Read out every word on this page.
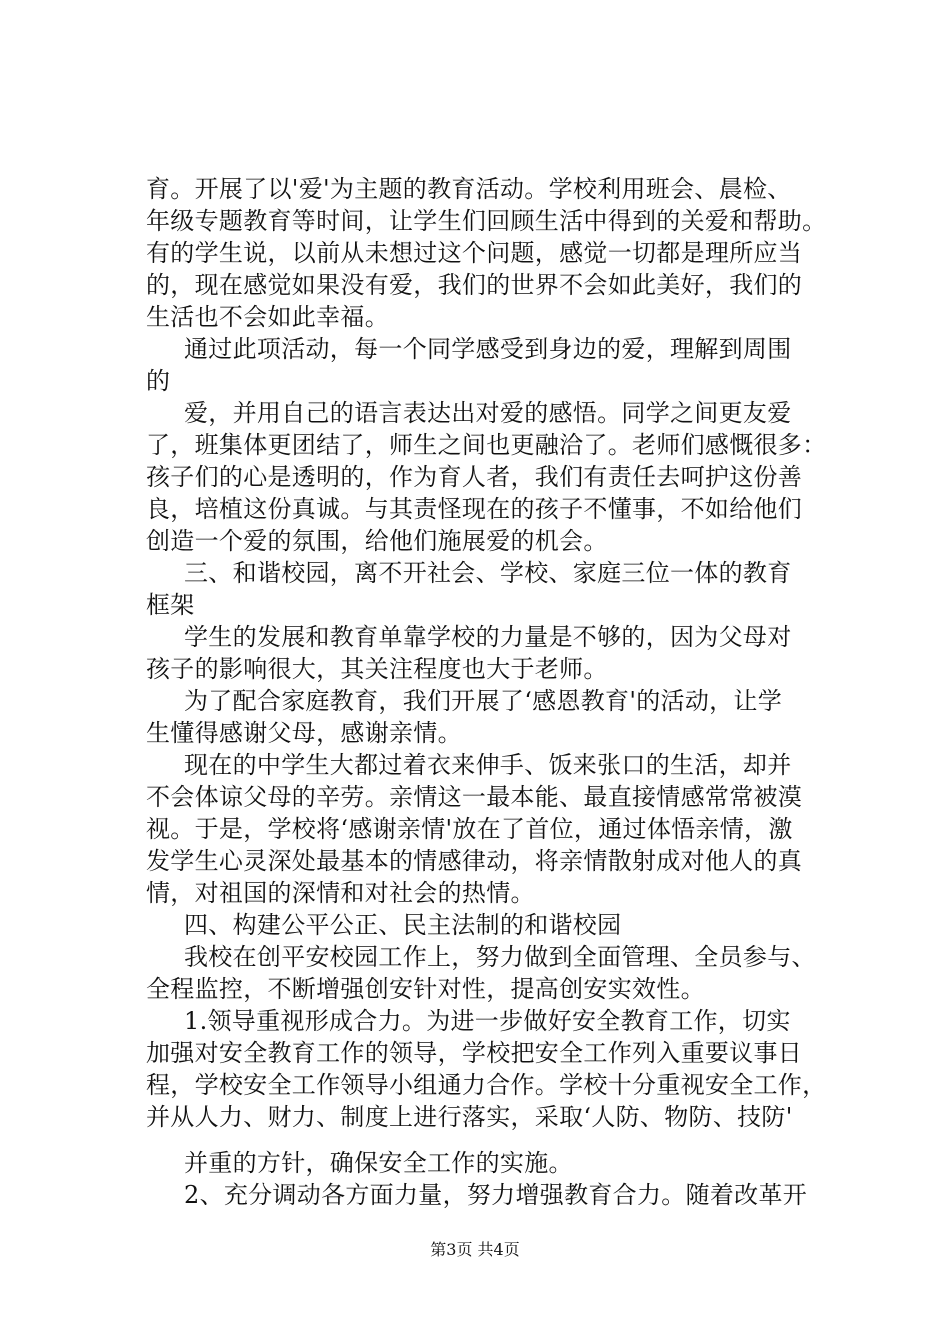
育。开展了以'爱'为主题的教育活动。学校利用班会、晨检、
年级专题教育等时间，让学生们回顾生活中得到的关爱和帮助。
有的学生说，以前从未想过这个问题，感觉一切都是理所应当
的，现在感觉如果没有爱，我们的世界不会如此美好，我们的
生活也不会如此幸福。
通过此项活动，每一个同学感受到身边的爱，理解到周围
的
爱，并用自己的语言表达出对爱的感悟。同学之间更友爱
了，班集体更团结了，师生之间也更融洽了。老师们感慨很多：
孩子们的心是透明的，作为育人者，我们有责任去呵护这份善
良，培植这份真诚。与其责怪现在的孩子不懂事，不如给他们
创造一个爱的氛围，给他们施展爱的机会。
三、和谐校园，离不开社会、学校、家庭三位一体的教育
框架
学生的发展和教育单靠学校的力量是不够的，因为父母对
孩子的影响很大，其关注程度也大于老师。
为了配合家庭教育，我们开展了‘感恩教育'的活动，让学
生懂得感谢父母，感谢亲情。
现在的中学生大都过着衣来伸手、饭来张口的生活，却并
不会体谅父母的辛劳。亲情这一最本能、最直接情感常常被漠
视。于是，学校将‘感谢亲情'放在了首位，通过体悟亲情，激
发学生心灵深处最基本的情感律动，将亲情散射成对他人的真
情，对祖国的深情和对社会的热情。
四、构建公平公正、民主法制的和谐校园
我校在创平安校园工作上，努力做到全面管理、全员参与、
全程监控，不断增强创安针对性，提高创安实效性。
1.领导重视形成合力。为进一步做好安全教育工作，切实
加强对安全教育工作的领导，学校把安全工作列入重要议事日
程，学校安全工作领导小组通力合作。学校十分重视安全工作，
并从人力、财力、制度上进行落实，采取‘人防、物防、技防'
并重的方针，确保安全工作的实施。
2、充分调动各方面力量，努力增强教育合力。随着改革开
第3页 共4页
